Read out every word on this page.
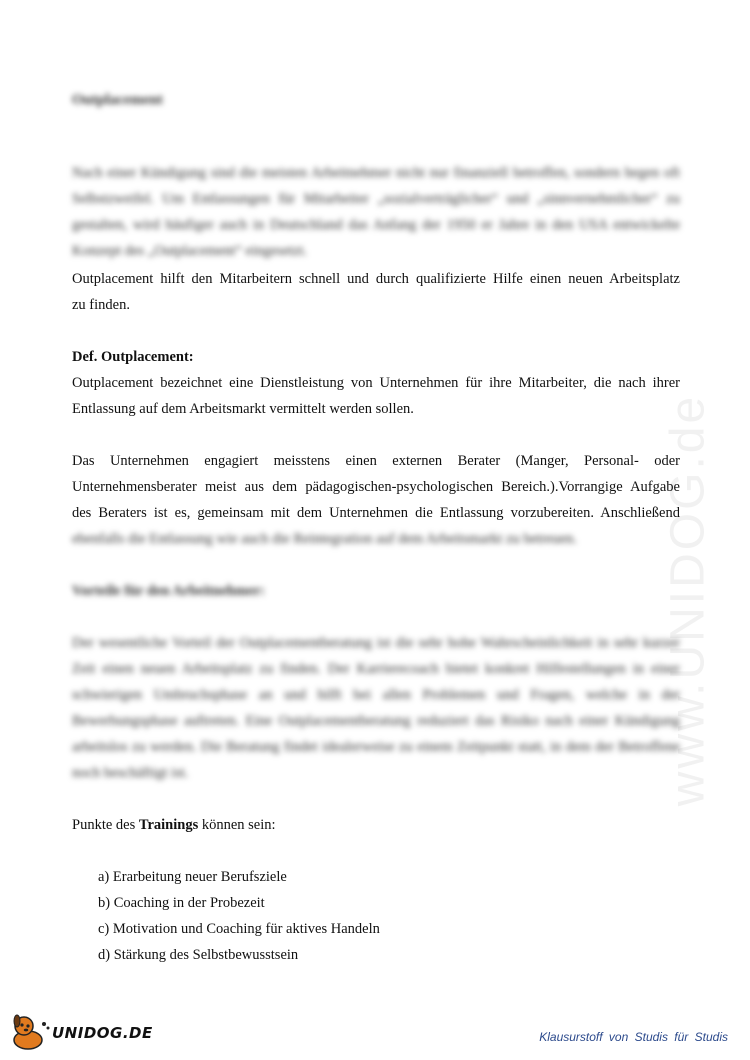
www.UNIDOG.de
Outplacement
Nach einer Kündigung sind die meisten Arbeitnehmer nicht nur finanziell betroffen, sondern hegen oft Selbstzweifel. Um Entlassungen für Mitarbeiter „sozialverträglicher“ und „sinnvernehmlicher“ zu gestalten, wird häufiger auch in Deutschland das Anfang der 1950 er Jahre in den USA entwickelte Konzept des „Outplacement“ eingesetzt.
Outplacement hilft den Mitarbeitern schnell und durch qualifizierte Hilfe einen neuen Arbeitsplatz
zu finden.
Def. Outplacement:
Outplacement bezeichnet eine Dienstleistung von Unternehmen für ihre Mitarbeiter, die nach ihrer
Entlassung auf dem Arbeitsmarkt vermittelt werden sollen.
Das Unternehmen engagiert meisstens einen externen Berater (Manger, Personal- oder
Unternehmensberater meist aus dem pädagogischen-psychologischen Bereich.).Vorrangige Aufgabe
des Beraters ist es, gemeinsam mit dem Unternehmen die Entlassung vorzubereiten. Anschließend
ebenfalls die Entlassung wie auch die Reintegration auf dem Arbeitsmarkt zu betreuen.
Vorteile für den Arbeitnehmer:
Der wesentliche Vorteil der Outplacementberatung ist die sehr hohe Wahrscheinlichkeit in sehr kurzer Zeit einen neuen Arbeitsplatz zu finden. Der Karrierecoach bietet konkret Hilfestellungen in einer schwierigen Umbruchsphase an und hilft bei allen Problemen und Fragen, welche in der Bewerbungsphase auftreten. Eine Outplacementberatung reduziert das Risiko nach einer Kündigung arbeitslos zu werden. Die Beratung findet idealerweise zu einem Zeitpunkt statt, in dem der Betroffene noch beschäftigt ist.
Punkte des Trainings können sein:
a) Erarbeitung neuer Berufsziele
b) Coaching in der Probezeit
c) Motivation und Coaching für aktives Handeln
d) Stärkung des Selbstbewusstsein
UNIDOG.DE	Klausurstoff von Studis für Studis
